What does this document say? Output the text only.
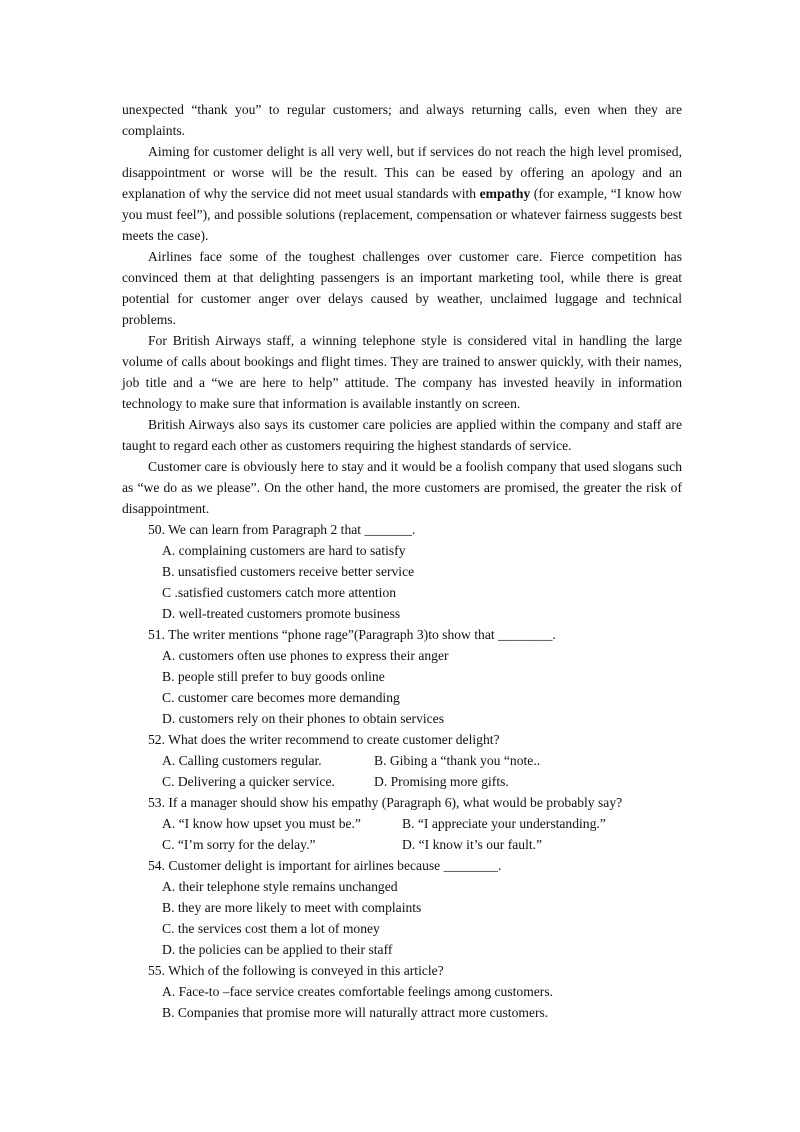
unexpected “thank you” to regular customers; and always returning calls, even when they are complaints.

Aiming for customer delight is all very well, but if services do not reach the high level promised, disappointment or worse will be the result. This can be eased by offering an apology and an explanation of why the service did not meet usual standards with empathy (for example, “I know how you must feel”), and possible solutions (replacement, compensation or whatever fairness suggests best meets the case).

Airlines face some of the toughest challenges over customer care. Fierce competition has convinced them at that delighting passengers is an important marketing tool, while there is great potential for customer anger over delays caused by weather, unclaimed luggage and technical problems.

For British Airways staff, a winning telephone style is considered vital in handling the large volume of calls about bookings and flight times. They are trained to answer quickly, with their names, job title and a “we are here to help” attitude. The company has invested heavily in information technology to make sure that information is available instantly on screen.

British Airways also says its customer care policies are applied within the company and staff are taught to regard each other as customers requiring the highest standards of service.

Customer care is obviously here to stay and it would be a foolish company that used slogans such as “we do as we please”. On the other hand, the more customers are promised, the greater the risk of disappointment.

50. We can learn from Paragraph 2 that _______.

A. complaining customers are hard to satisfy

B. unsatisfied customers receive better service

C .satisfied customers catch more attention

D. well-treated customers promote business

51. The writer mentions “phone rage”(Paragraph 3)to show that ________.

A. customers often use phones to express their anger

B. people still prefer to buy goods online

C. customer care becomes more demanding

D. customers rely on their phones to obtain services

52. What does the writer recommend to create customer delight?

A. Calling customers regular.	B. Gibing a “thank you “note..
C. Delivering a quicker service.	D. Promising more gifts.

53. If a manager should show his empathy (Paragraph 6), what would be probably say?

A. “I know how upset you must be.”	B. “I appreciate your understanding.”
C. “I’m sorry for the delay.”	D. “I know it’s our fault.”

54. Customer delight is important for airlines because ________.

A. their telephone style remains unchanged

B. they are more likely to meet with complaints

C. the services cost them a lot of money

D. the policies can be applied to their staff

55. Which of the following is conveyed in this article?

A. Face-to –face service creates comfortable feelings among customers.

B. Companies that promise more will naturally attract more customers.
